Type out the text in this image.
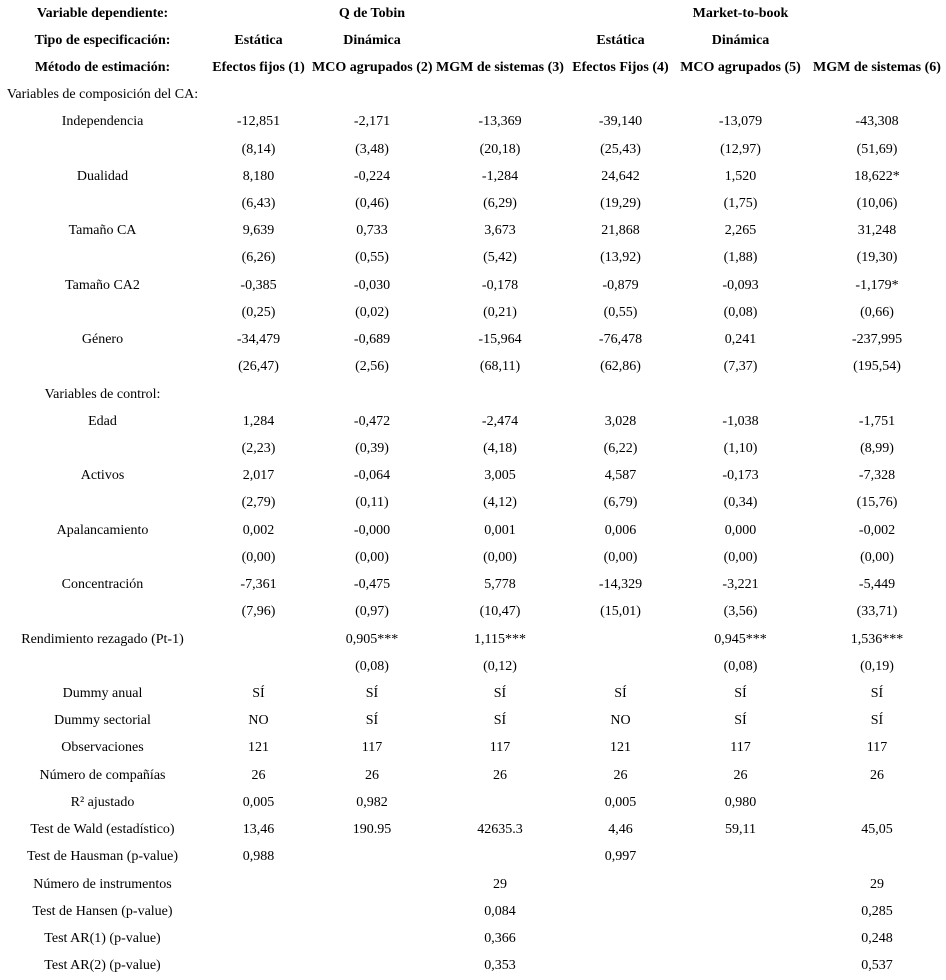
Variable dependiente:		Q de Tobin			Market-to-book	
Tipo de especificación:	Estática	Dinámica		Estática	Dinámica	
Método de estimación:	Efectos fijos (1)	MCO agrupados (2)	MGM de sistemas (3)	Efectos Fijos (4)	MCO agrupados (5)	MGM de sistemas (6)
Variables de composición del CA:						
Independencia	-12,851	-2,171	-13,369	-39,140	-13,079	-43,308
	(8,14)	(3,48)	(20,18)	(25,43)	(12,97)	(51,69)
Dualidad	8,180	-0,224	-1,284	24,642	1,520	18,622*
	(6,43)	(0,46)	(6,29)	(19,29)	(1,75)	(10,06)
Tamaño CA	9,639	0,733	3,673	21,868	2,265	31,248
	(6,26)	(0,55)	(5,42)	(13,92)	(1,88)	(19,30)
Tamaño CA2	-0,385	-0,030	-0,178	-0,879	-0,093	-1,179*
	(0,25)	(0,02)	(0,21)	(0,55)	(0,08)	(0,66)
Género	-34,479	-0,689	-15,964	-76,478	0,241	-237,995
	(26,47)	(2,56)	(68,11)	(62,86)	(7,37)	(195,54)
Variables de control:						
Edad	1,284	-0,472	-2,474	3,028	-1,038	-1,751
	(2,23)	(0,39)	(4,18)	(6,22)	(1,10)	(8,99)
Activos	2,017	-0,064	3,005	4,587	-0,173	-7,328
	(2,79)	(0,11)	(4,12)	(6,79)	(0,34)	(15,76)
Apalancamiento	0,002	-0,000	0,001	0,006	0,000	-0,002
	(0,00)	(0,00)	(0,00)	(0,00)	(0,00)	(0,00)
Concentración	-7,361	-0,475	5,778	-14,329	-3,221	-5,449
	(7,96)	(0,97)	(10,47)	(15,01)	(3,56)	(33,71)
Rendimiento rezagado (Pt-1)		0,905***	1,115***		0,945***	1,536***
		(0,08)	(0,12)		(0,08)	(0,19)
Dummy anual	SÍ	SÍ	SÍ	SÍ	SÍ	SÍ
Dummy sectorial	NO	SÍ	SÍ	NO	SÍ	SÍ
Observaciones	121	117	117	121	117	117
Número de compañías	26	26	26	26	26	26
R² ajustado	0,005	0,982		0,005	0,980	
Test de Wald (estadístico)	13,46	190.95	42635.3	4,46	59,11	45,05
Test de Hausman (p-value)	0,988			0,997		
Número de instrumentos			29			29
Test de Hansen (p-value)			0,084			0,285
Test AR(1) (p-value)			0,366			0,248
Test AR(2) (p-value)			0,353			0,537
